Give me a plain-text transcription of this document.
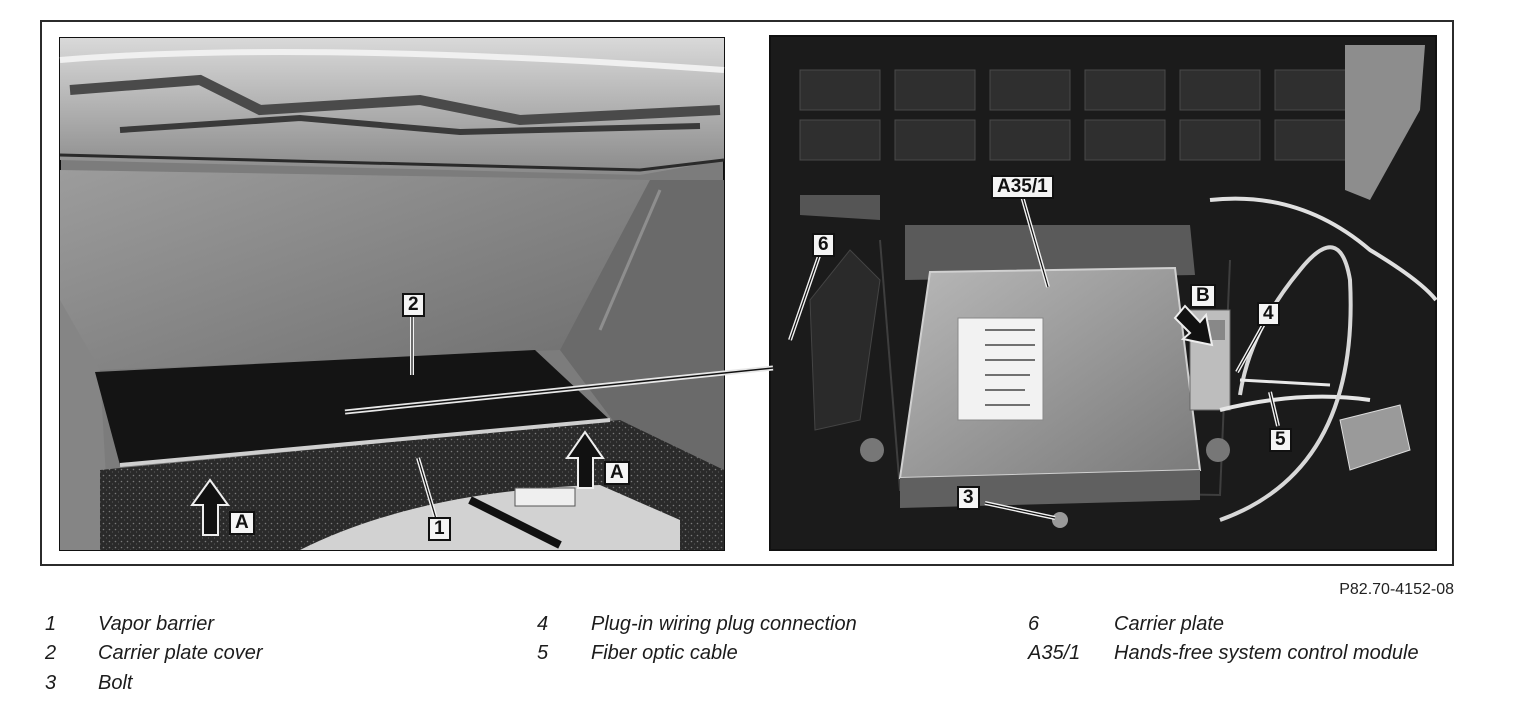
2
1
A
A
A35/1
6
B
4
5
3
P82.70-4152-08
1 Vapor barrier
2 Carrier plate cover
3 Bolt
4 Plug-in wiring plug connection
5 Fiber optic cable
6	Carrier plate
A35/1 Hands-free system control module
